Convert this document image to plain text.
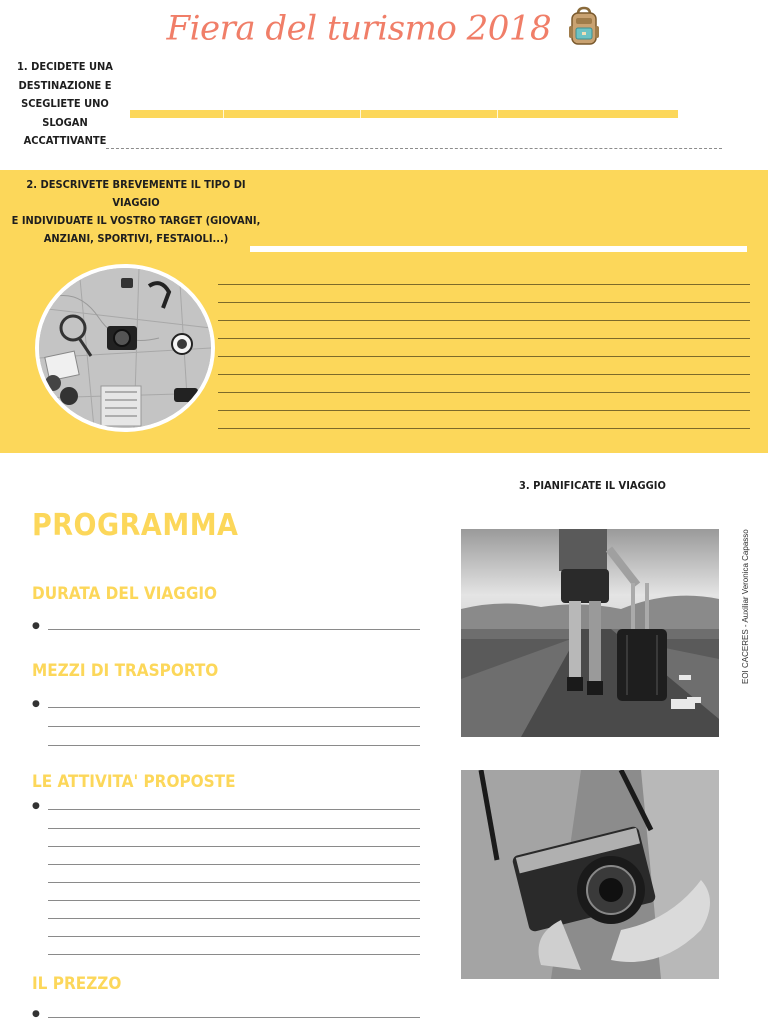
Fiera del turismo 2018
1. DECIDETE UNA
DESTINAZIONE E
SCEGLIETE UNO
SLOGAN
ACCATTIVANTE
2. DESCRIVETE BREVEMENTE IL TIPO DI VIAGGIO
E INDIVIDUATE IL VOSTRO TARGET (GIOVANI,
ANZIANI, SPORTIVI, FESTAIOLI...)
3. PIANIFICATE IL VIAGGIO
PROGRAMMA
DURATA DEL VIAGGIO
●
MEZZI DI TRASPORTO
●
LE ATTIVITA' PROPOSTE
●
IL PREZZO
●
EOI CACERES - Auxiliar Veronica Capasso
